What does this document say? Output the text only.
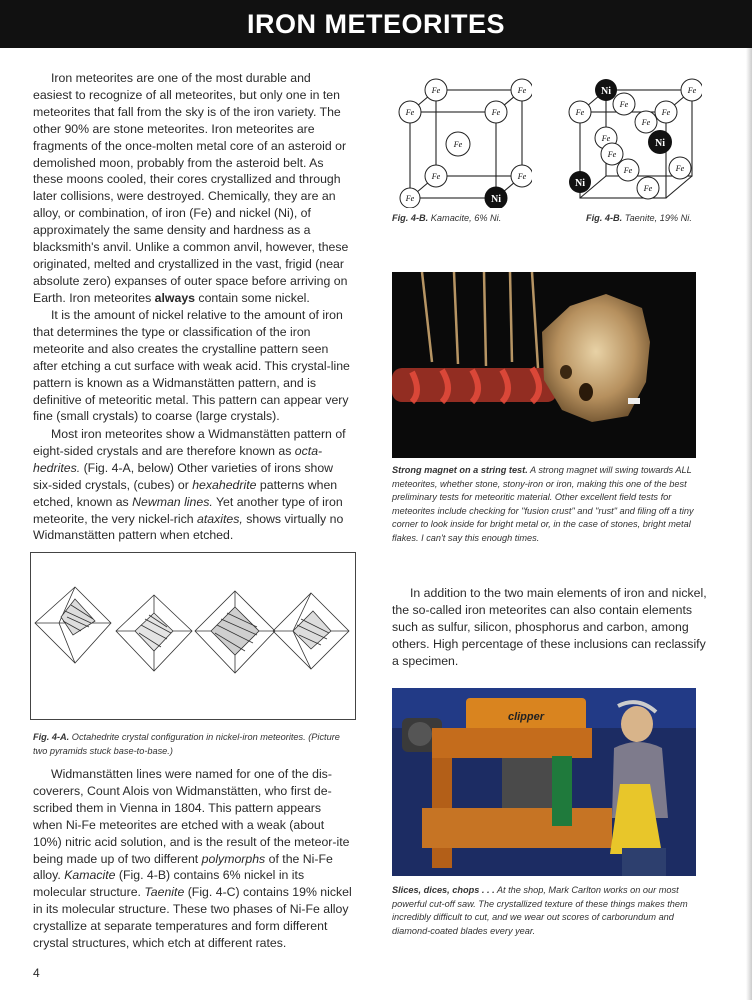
IRON METEORITES

Iron meteorites are one of the most durable and easiest to recognize of all meteorites, but only one in ten meteorites that fall from the sky is of the iron variety. The other 90% are stone meteorites. Iron meteorites are fragments of the once-molten metal core of an asteroid or demolished moon, probably from the asteroid belt. As these moons cooled, their cores crystallized and through later collisions, were destroyed. Chemically, they are an alloy, or combination, of iron (Fe) and nickel (Ni), of approximately the same density and hardness as a blacksmith's anvil. Unlike a common anvil, however, these originated, melted and crystallized in the vast, frigid (near absolute zero) expanses of outer space before arriving on Earth. Iron meteorites always contain some nickel.

It is the amount of nickel relative to the amount of iron that determines the type or classification of the iron meteorite and also creates the crystalline pattern seen after etching a cut surface with weak acid. This crystal-line pattern is known as a Widmanstätten pattern, and is definitive of meteoritic metal. This pattern can appear very fine (small crystals) to coarse (large crystals).

Most iron meteorites show a Widmanstätten pattern of eight-sided crystals and are therefore known as octa-hedrites. (Fig. 4-A, below) Other varieties of irons show six-sided crystals, (cubes) or hexahedrite patterns when etched, known as Newman lines. Yet another type of iron meteorite, the very nickel-rich ataxites, shows virtually no Widmanstätten pattern when etched.

Fig. 4-A. Octahedrite crystal configuration in nickel-iron meteorites. (Picture two pyramids stuck base-to-base.)

Widmanstätten lines were named for one of the dis-coverers, Count Alois von Widmanstätten, who first de-scribed them in Vienna in 1804. This pattern appears when Ni-Fe meteorites are etched with a weak (about 10%) nitric acid solution, and is the result of the meteor-ite being made up of two different polymorphs of the Ni-Fe alloy. Kamacite (Fig. 4-B) contains 6% nickel in its molecular structure. Taenite (Fig. 4-C) contains 19% nickel in its molecular structure. These two phases of Ni-Fe alloy crystallize at separate temperatures and form different crystal structures, which etch at different rates.

Fe	Fe
Fe	Fe
Fe
Fe	Fe
Fe	Ni
Fe
Fe	Fe
Fe
Fe
Fe
Fe
Fe	Fe
Fe
Ni
Ni
Ni

Fig. 4-B. Kamacite, 6% Ni.	Fig. 4-B. Taenite, 19% Ni.

Strong magnet on a string test. A strong magnet will swing towards ALL meteorites, whether stone, stony-iron or iron, making this one of the best preliminary tests for meteoritic material. Other excellent field tests for meteorites include checking for "fusion crust" and "rust" and filing off a tiny corner to look inside for bright metal or, in the case of stones, bright metal flakes. I can't say this enough times.

In addition to the two main elements of iron and nickel, the so-called iron meteorites can also contain elements such as sulfur, silicon, phosphorus and carbon, among others. High percentage of these inclusions can reclassify a specimen.

clipper

Slices, dices, chops . . . At the shop, Mark Carlton works on our most powerful cut-off saw. The crystallized texture of these things makes them incredibly difficult to cut, and we wear out scores of carborundum and diamond-coated blades every year.

4
